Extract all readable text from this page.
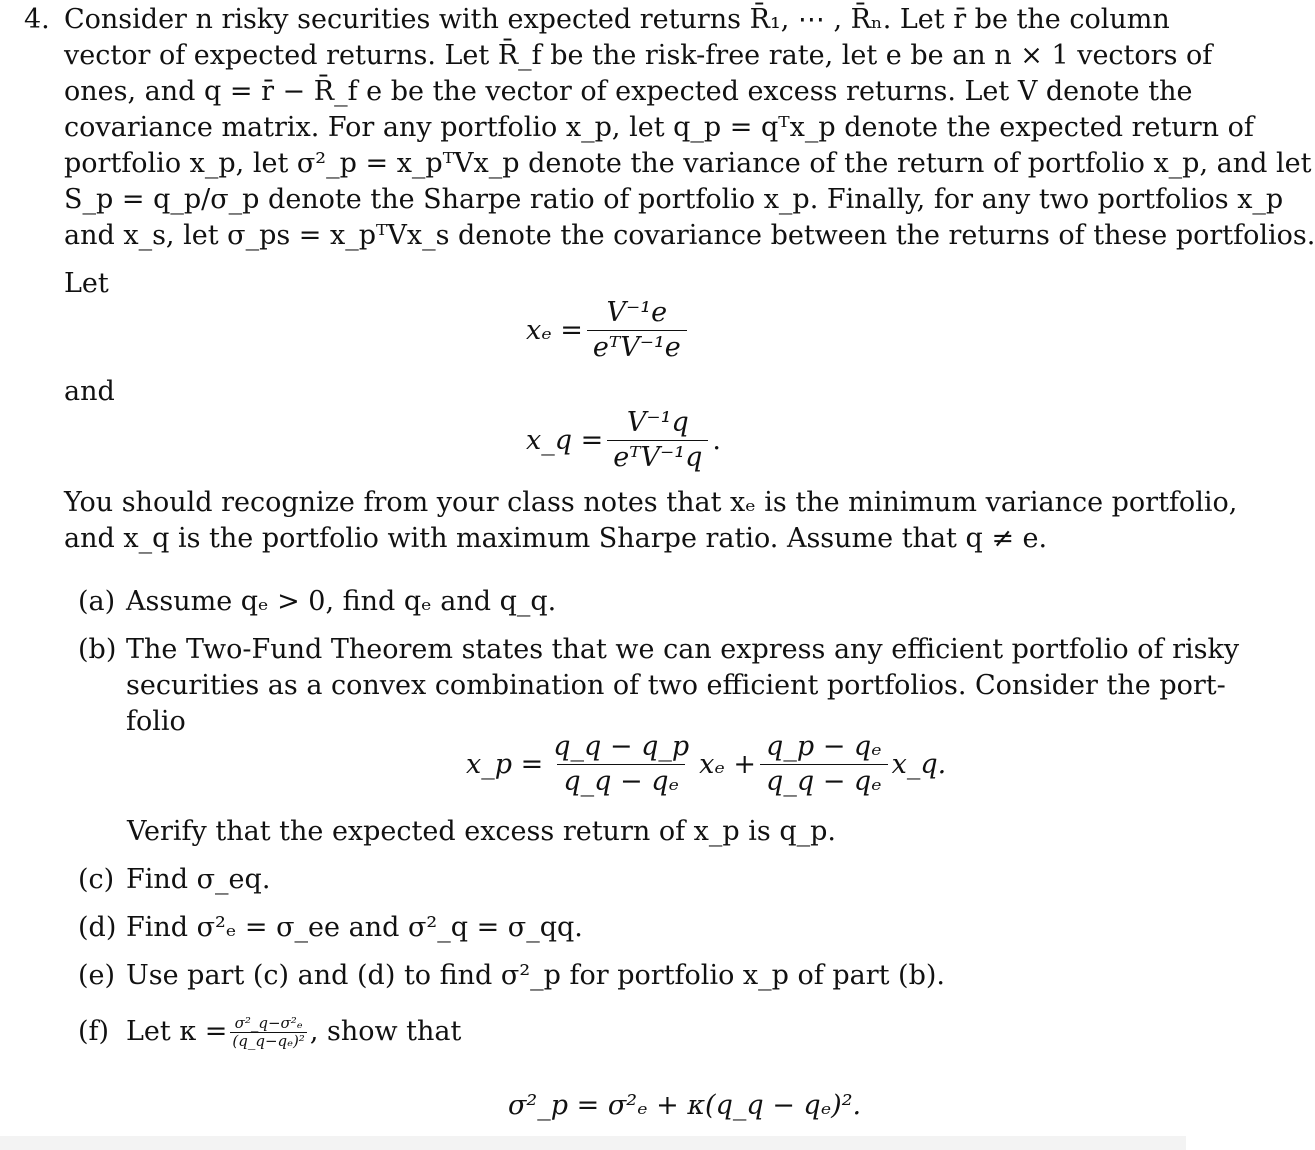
4. Consider n risky securities with expected returns R̄₁, ⋯ , R̄ₙ. Let r̄ be the column
vector of expected returns. Let R̄_f be the risk-free rate, let e be an n × 1 vectors of
ones, and q = r̄ − R̄_f e be the vector of expected excess returns. Let V denote the
covariance matrix. For any portfolio x_p, let q_p = qᵀx_p denote the expected return of
portfolio x_p, let σ²_p = x_pᵀVx_p denote the variance of the return of portfolio x_p, and let
S_p = q_p/σ_p denote the Sharpe ratio of portfolio x_p. Finally, for any two portfolios x_p
and x_s, let σ_ps = x_pᵀVx_s denote the covariance between the returns of these portfolios.
Let
$x_e = \frac{\text{V⁻¹e}}{\text{eᵀV⁻¹e}}$
and
x_q = $\frac{\text{V⁻¹q}}{\text{eᵀV⁻¹q}}$ .
You should recognize from your class notes that xₑ is the minimum variance portfolio,
and x_q is the portfolio with maximum Sharpe ratio. Assume that q ≠ e.
(a) Assume qₑ > 0, find qₑ and q_q.
(b) The Two-Fund Theorem states that we can express any efficient portfolio of risky
securities as a convex combination of two efficient portfolios. Consider the port-
folio
x_p = $\frac{q\_q - q\_p}{\text{q\_q − qₑ}}$ $x_e + \frac{\text{q\_p − qₑ}}{\text{q\_q − qₑ}}$ x_q.
Verify that the expected excess return of x_p is q_p.
(c) Find σ_eq.
(d) Find σ²ₑ = σ_ee and σ²_q = σ_qq.
(e) Use part (c) and (d) to find σ²_p for portfolio x_p of part (b).
(f) Let $\kappa = \frac{\text{σ²\_q−σ²ₑ}}{\text{(q\_q−qₑ)²}}$ , show that
σ²_p = σ²ₑ + κ(q_q − qₑ)².
